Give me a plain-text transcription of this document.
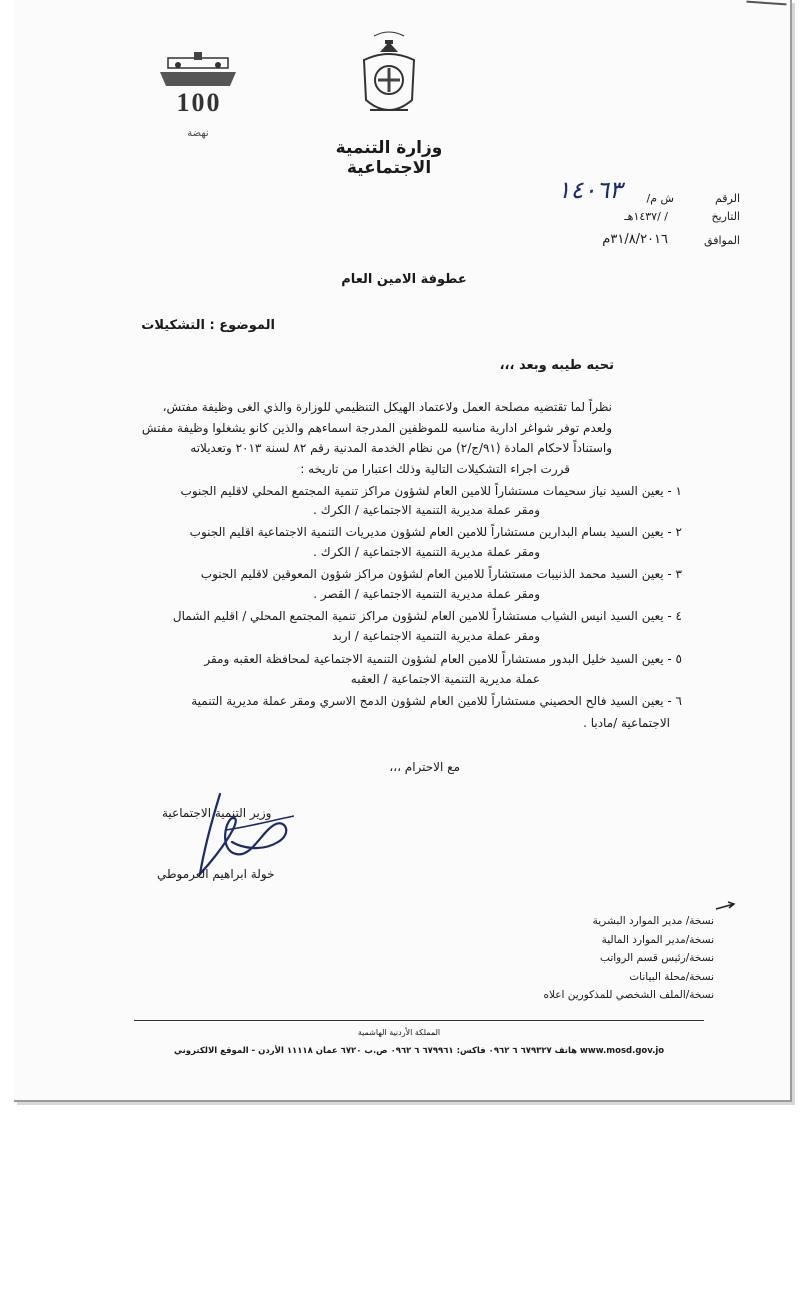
100
نهضة
وزارة التنمية الاجتماعية
الرقم
ش م/
١٤٠٦٣
التاريخ
/ /١٤٣٧هـ
الموافق
٣١/٨/٢٠١٦م
عطوفة الامين العام
الموضوع : التشكيلات
تحيه طيبه وبعد ،،،
نظراً لما تقتضيه مصلحة العمل ولاعتماد الهيكل التنظيمي للوزارة والذي الغى وظيفة مفتش،
ولعدم توفر شواغر ادارية مناسبه للموظفين المدرجة اسماءهم والذين كانو يشغلوا وظيفة مفتش
واستناداً لاحكام المادة (٩١/ج/٢) من نظام الخدمة المدنية رقم ٨٢ لسنة ٢٠١٣ وتعديلاته
قررت اجراء التشكيلات التالية وذلك اعتبارا من تاريخه :
١ - يعين السيد نياز سحيمات مستشاراً للامين العام لشؤون مراكز تنمية المجتمع المحلي لاقليم الجنوب
ومقر عملة مديرية التنمية الاجتماعية / الكرك .
٢ - يعين السيد بسام البدارين مستشاراً للامين العام لشؤون مديريات التنمية الاجتماعية اقليم الجنوب
ومقر عملة مديرية التنمية الاجتماعية / الكرك .
٣ - يعين السيد محمد الذنيبات مستشاراً للامين العام لشؤون مراكز شؤون المعوقين لاقليم الجنوب
ومقر عملة مديرية التنمية الاجتماعية / القصر .
٤ - يعين السيد انيس الشياب مستشاراً للامين العام لشؤون مراكز تنمية المجتمع المحلي / اقليم الشمال
ومقر عملة مديرية التنمية الاجتماعية / اربد
٥ - يعين السيد خليل البدور مستشاراً للامين العام لشؤون التنمية الاجتماعية لمحافظة العقبه ومقر
عملة مديرية التنمية الاجتماعية / العقبه
٦ - يعين السيد فالح الحصيني مستشاراً للامين العام لشؤون الدمج الاسري ومقر عملة مديرية التنمية
الاجتماعية /مادبا .
مع الاحترام ،،،
وزير التنمية الاجتماعية
خولة ابراهيم العرموطي
نسخة/ مدير الموارد البشرية
نسخة/مدير الموارد المالية
نسخة/رئيس قسم الرواتب
نسخة/محلة البيانات
نسخة/الملف الشخصي للمذكورين اعلاه
المملكة الأردنية الهاشمية
هاتف ٦٧٩٣٢٧ ٦ ٠٩٦٢ فاكس: ٦٧٩٩٦١ ٦ ٠٩٦٢ ص.ب ٦٧٢٠ عمان ١١١١٨ الأردن - الموقع الالكتروني www.mosd.gov.jo
